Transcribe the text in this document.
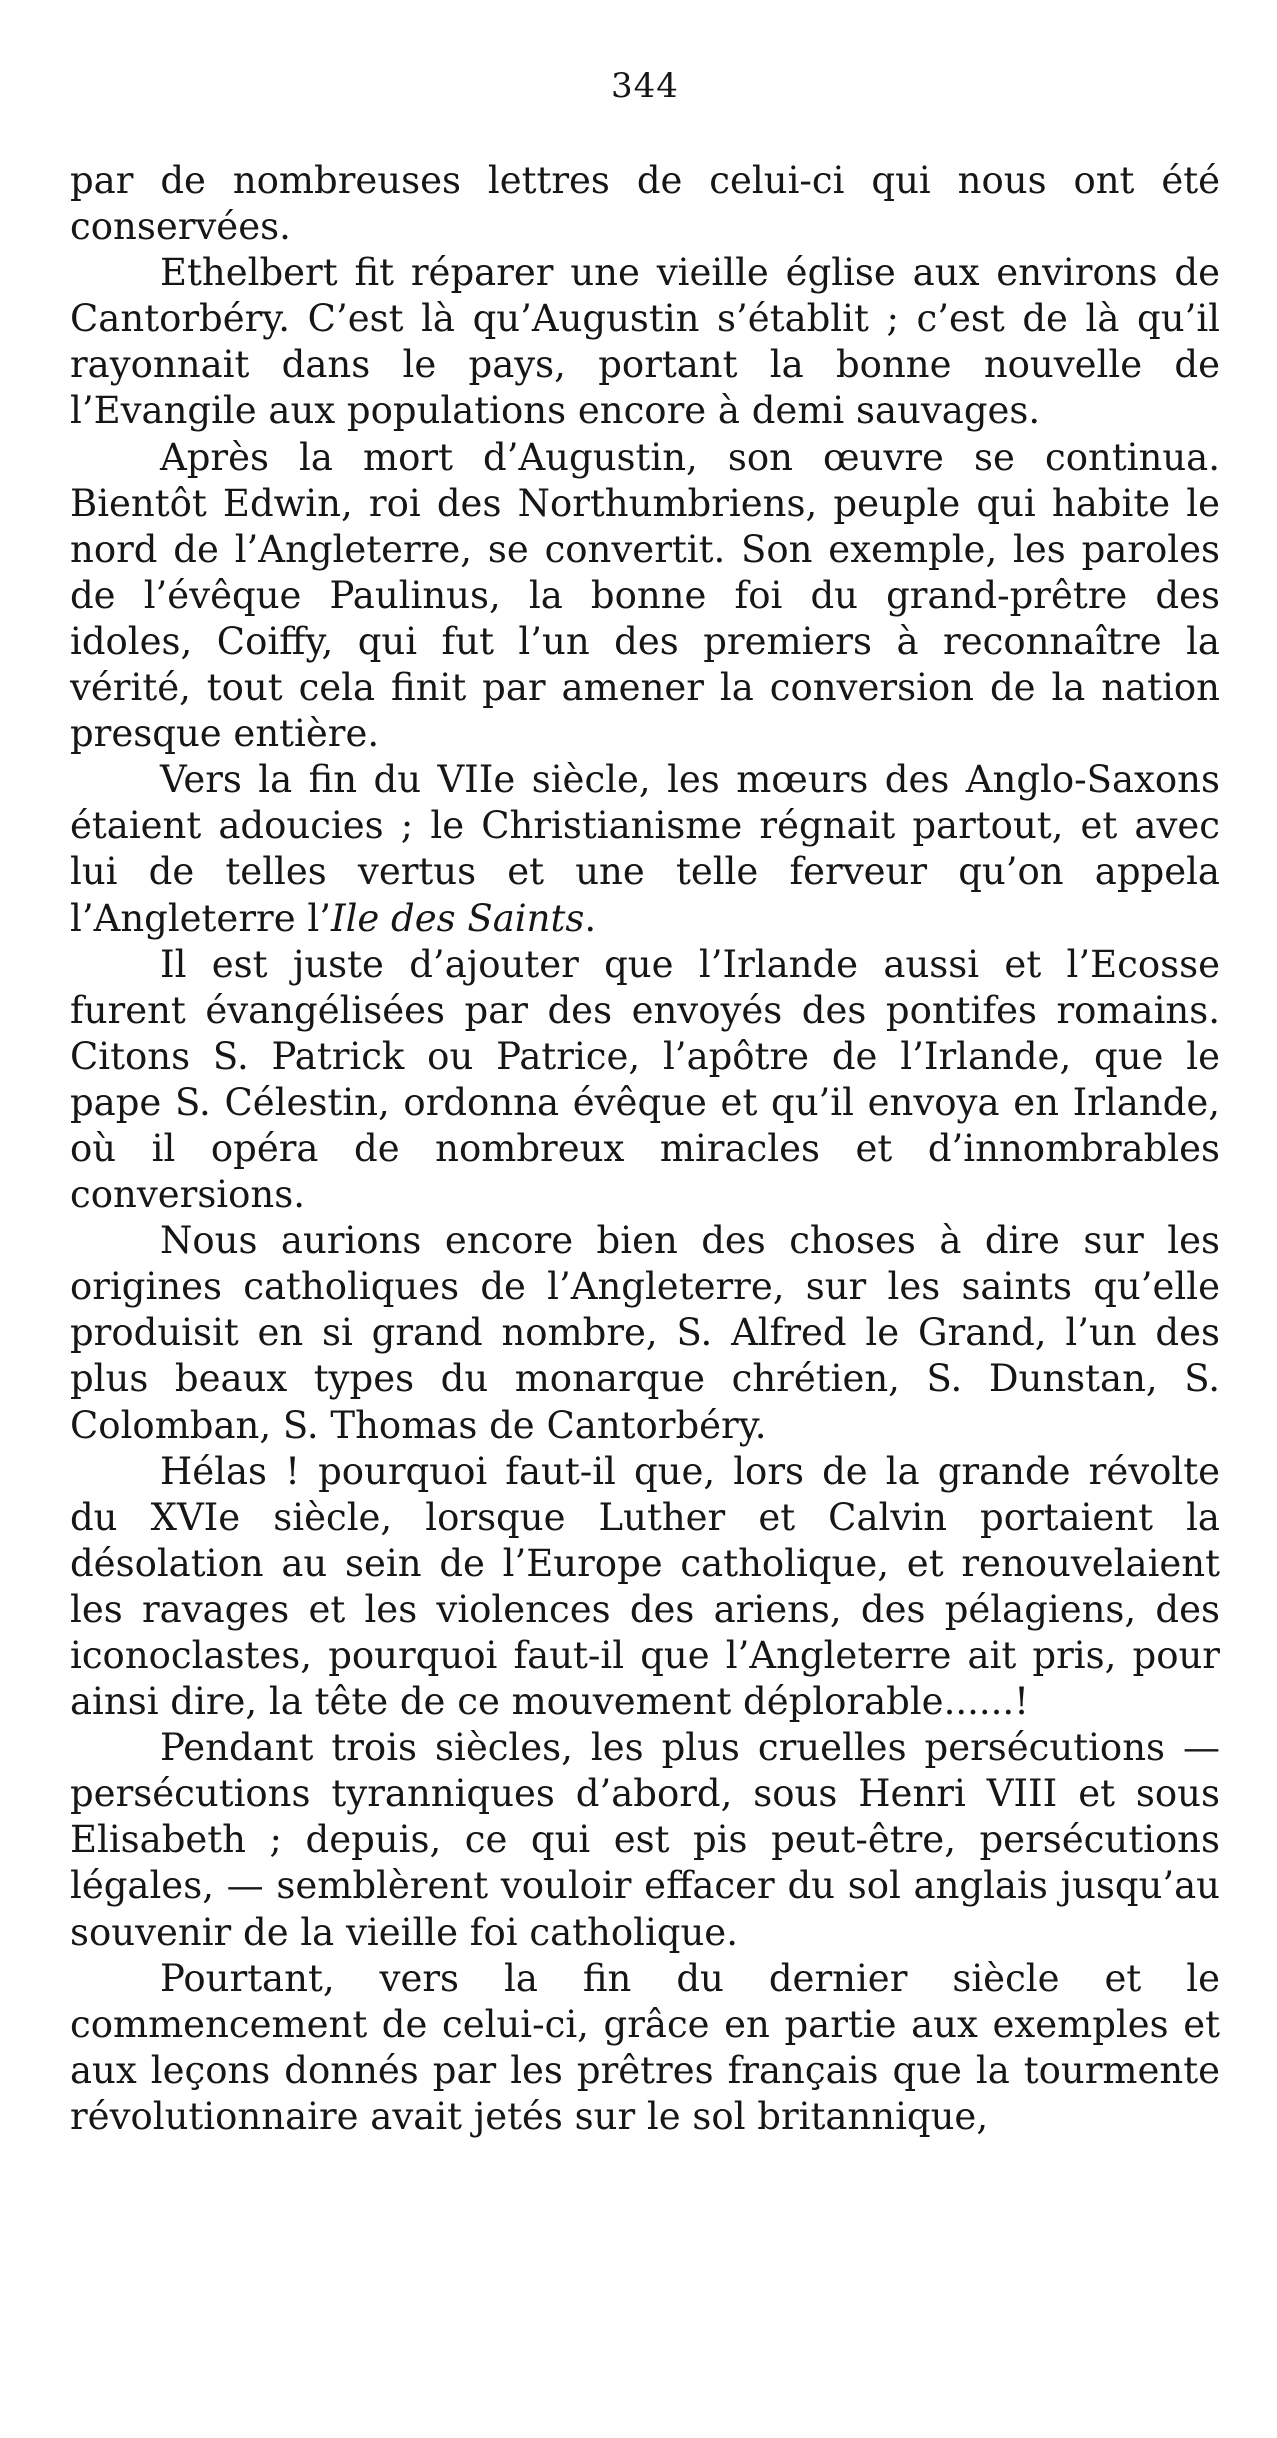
344

par de nombreuses lettres de celui-ci qui nous ont été conservées.

Ethelbert fit réparer une vieille église aux environs de Cantorbéry. C’est là qu’Augustin s’établit ; c’est de là qu’il rayonnait dans le pays, portant la bonne nouvelle de l’Evangile aux populations encore à demi sauvages.

Après la mort d’Augustin, son œuvre se continua. Bientôt Edwin, roi des Northumbriens, peuple qui habite le nord de l’Angleterre, se convertit. Son exemple, les paroles de l’évêque Paulinus, la bonne foi du grand-prêtre des idoles, Coiffy, qui fut l’un des premiers à reconnaître la vérité, tout cela finit par amener la conversion de la nation presque entière.

Vers la fin du VIIe siècle, les mœurs des Anglo-Saxons étaient adoucies ; le Christianisme régnait partout, et avec lui de telles vertus et une telle ferveur qu’on appela l’Angleterre l’Ile des Saints.

Il est juste d’ajouter que l’Irlande aussi et l’Ecosse furent évangélisées par des envoyés des pontifes romains. Citons S. Patrick ou Patrice, l’apôtre de l’Irlande, que le pape S. Célestin, ordonna évêque et qu’il envoya en Irlande, où il opéra de nombreux miracles et d’innombrables conversions.

Nous aurions encore bien des choses à dire sur les origines catholiques de l’Angleterre, sur les saints qu’elle produisit en si grand nombre, S. Alfred le Grand, l’un des plus beaux types du monarque chrétien, S. Dunstan, S. Colomban, S. Thomas de Cantorbéry.

Hélas ! pourquoi faut-il que, lors de la grande révolte du XVIe siècle, lorsque Luther et Calvin portaient la désolation au sein de l’Europe catholique, et renouvelaient les ravages et les violences des ariens, des pélagiens, des iconoclastes, pourquoi faut-il que l’Angleterre ait pris, pour ainsi dire, la tête de ce mouvement déplorable......!

Pendant trois siècles, les plus cruelles persécutions — persécutions tyranniques d’abord, sous Henri VIII et sous Elisabeth ; depuis, ce qui est pis peut-être, persécutions légales, — semblèrent vouloir effacer du sol anglais jusqu’au souvenir de la vieille foi catholique.

Pourtant, vers la fin du dernier siècle et le commencement de celui-ci, grâce en partie aux exemples et aux leçons donnés par les prêtres français que la tourmente révolutionnaire avait jetés sur le sol britannique,
